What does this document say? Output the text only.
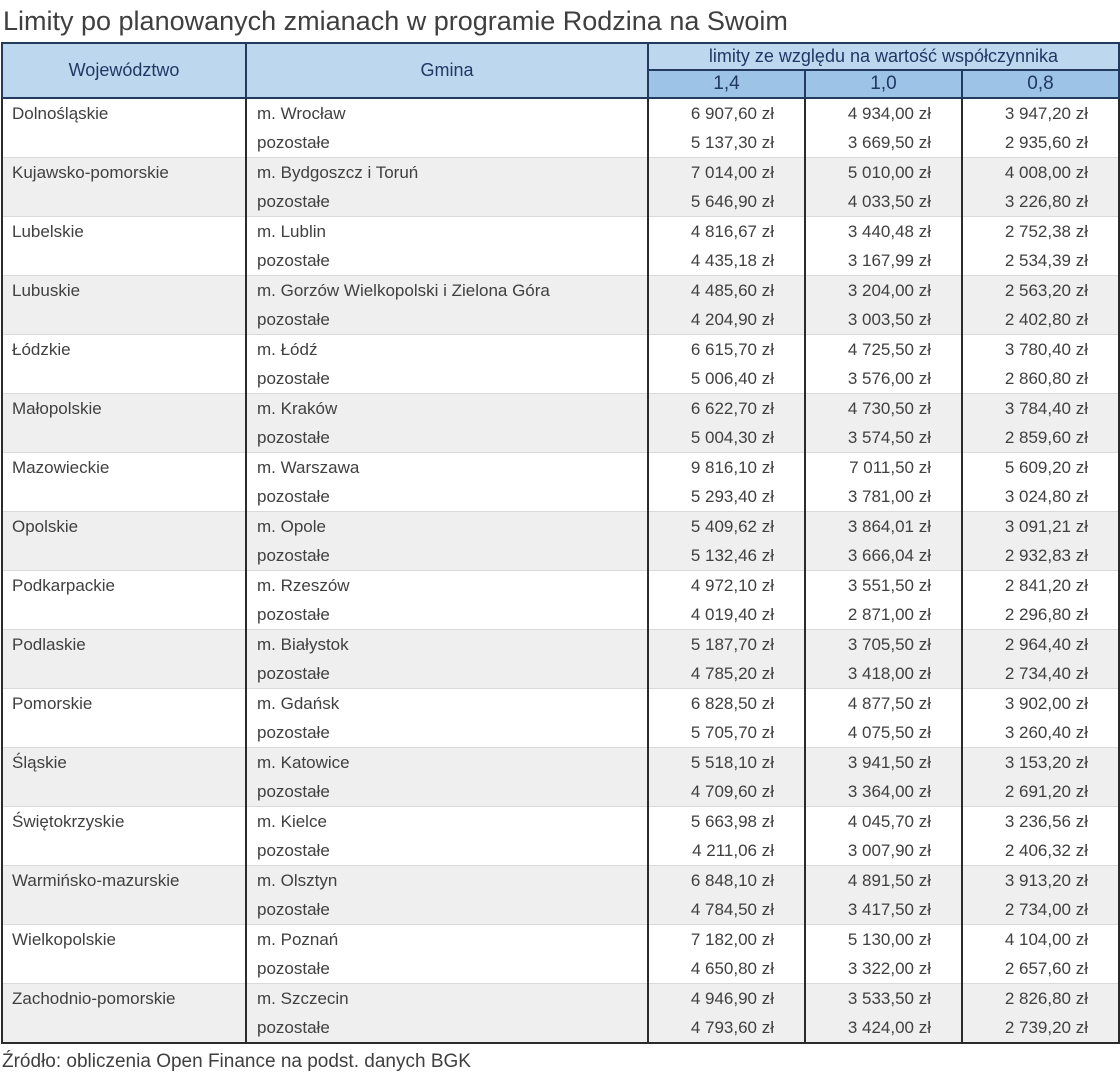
Limity po planowanych zmianach w programie Rodzina na Swoim
Województwo	Gmina	limity ze względu na wartość współczynnika		
		1,4	1,0	0,8
Dolnośląskie	m. Wrocław	6 907,60 zł	4 934,00 zł	3 947,20 zł
	pozostałe	5 137,30 zł	3 669,50 zł	2 935,60 zł
Kujawsko-pomorskie	m. Bydgoszcz i Toruń	7 014,00 zł	5 010,00 zł	4 008,00 zł
	pozostałe	5 646,90 zł	4 033,50 zł	3 226,80 zł
Lubelskie	m. Lublin	4 816,67 zł	3 440,48 zł	2 752,38 zł
	pozostałe	4 435,18 zł	3 167,99 zł	2 534,39 zł
Lubuskie	m. Gorzów Wielkopolski i Zielona Góra	4 485,60 zł	3 204,00 zł	2 563,20 zł
	pozostałe	4 204,90 zł	3 003,50 zł	2 402,80 zł
Łódzkie	m. Łódź	6 615,70 zł	4 725,50 zł	3 780,40 zł
	pozostałe	5 006,40 zł	3 576,00 zł	2 860,80 zł
Małopolskie	m. Kraków	6 622,70 zł	4 730,50 zł	3 784,40 zł
	pozostałe	5 004,30 zł	3 574,50 zł	2 859,60 zł
Mazowieckie	m. Warszawa	9 816,10 zł	7 011,50 zł	5 609,20 zł
	pozostałe	5 293,40 zł	3 781,00 zł	3 024,80 zł
Opolskie	m. Opole	5 409,62 zł	3 864,01 zł	3 091,21 zł
	pozostałe	5 132,46 zł	3 666,04 zł	2 932,83 zł
Podkarpackie	m. Rzeszów	4 972,10 zł	3 551,50 zł	2 841,20 zł
	pozostałe	4 019,40 zł	2 871,00 zł	2 296,80 zł
Podlaskie	m. Białystok	5 187,70 zł	3 705,50 zł	2 964,40 zł
	pozostałe	4 785,20 zł	3 418,00 zł	2 734,40 zł
Pomorskie	m. Gdańsk	6 828,50 zł	4 877,50 zł	3 902,00 zł
	pozostałe	5 705,70 zł	4 075,50 zł	3 260,40 zł
Śląskie	m. Katowice	5 518,10 zł	3 941,50 zł	3 153,20 zł
	pozostałe	4 709,60 zł	3 364,00 zł	2 691,20 zł
Świętokrzyskie	m. Kielce	5 663,98 zł	4 045,70 zł	3 236,56 zł
	pozostałe	4 211,06 zł	3 007,90 zł	2 406,32 zł
Warmińsko-mazurskie	m. Olsztyn	6 848,10 zł	4 891,50 zł	3 913,20 zł
	pozostałe	4 784,50 zł	3 417,50 zł	2 734,00 zł
Wielkopolskie	m. Poznań	7 182,00 zł	5 130,00 zł	4 104,00 zł
	pozostałe	4 650,80 zł	3 322,00 zł	2 657,60 zł
Zachodnio-pomorskie	m. Szczecin	4 946,90 zł	3 533,50 zł	2 826,80 zł
	pozostałe	4 793,60 zł	3 424,00 zł	2 739,20 zł
Źródło: obliczenia Open Finance na podst. danych BGK
